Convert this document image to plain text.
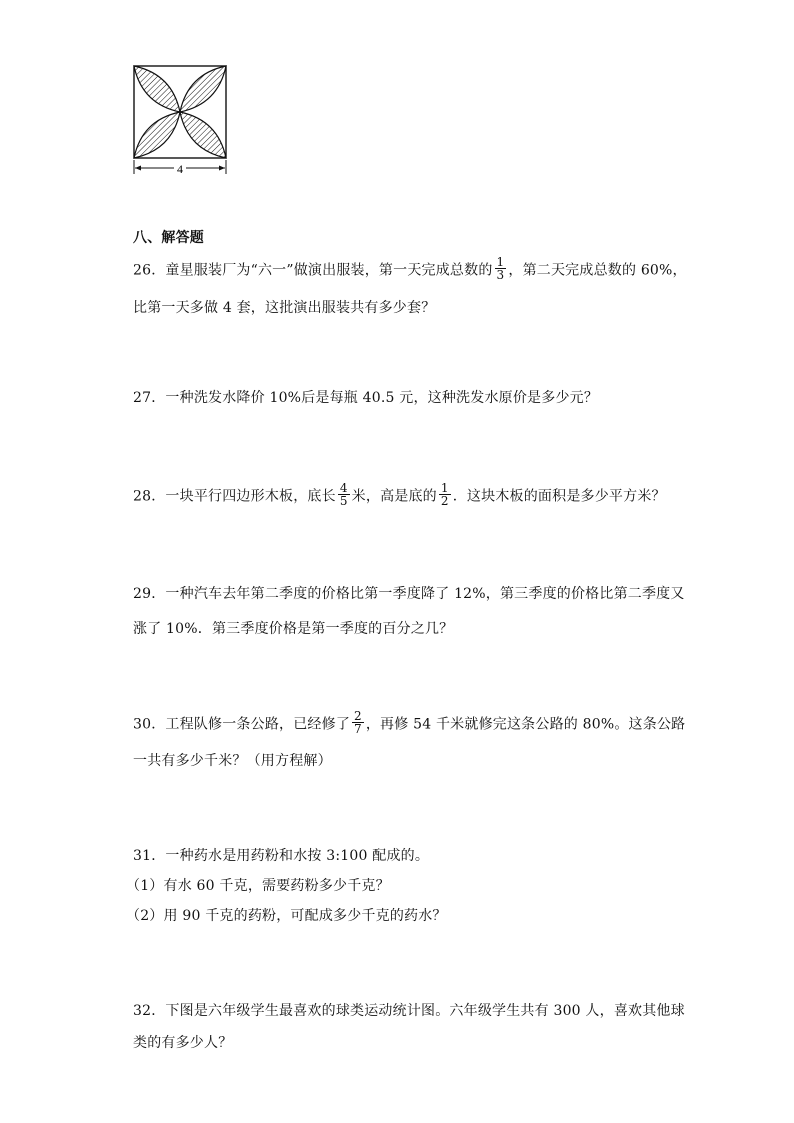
4
八、解答题
26．童星服装厂为“六一”做演出服装，第一天完成总数的 $\frac{1}{3}$ ，第二天完成总数的 60%，
比第一天多做 4 套，这批演出服装共有多少套？
27．一种洗发水降价 10%后是每瓶 40.5 元，这种洗发水原价是多少元？
28．一块平行四边形木板，底长 $\frac{4}{5}$ 米，高是底的 $\frac{1}{2}$ ．这块木板的面积是多少平方米？
29．一种汽车去年第二季度的价格比第一季度降了 12%，第三季度的价格比第二季度又
涨了 10%．第三季度价格是第一季度的百分之几？
30．工程队修一条公路，已经修了 $\frac{2}{7}$ ，再修 54 千米就修完这条公路的 80%。这条公路
一共有多少千米？（用方程解）
31．一种药水是用药粉和水按 3:100 配成的。
（1）有水 60 千克，需要药粉多少千克？
（2）用 90 千克的药粉，可配成多少千克的药水？
32．下图是六年级学生最喜欢的球类运动统计图。六年级学生共有 300 人，喜欢其他球
类的有多少人？
